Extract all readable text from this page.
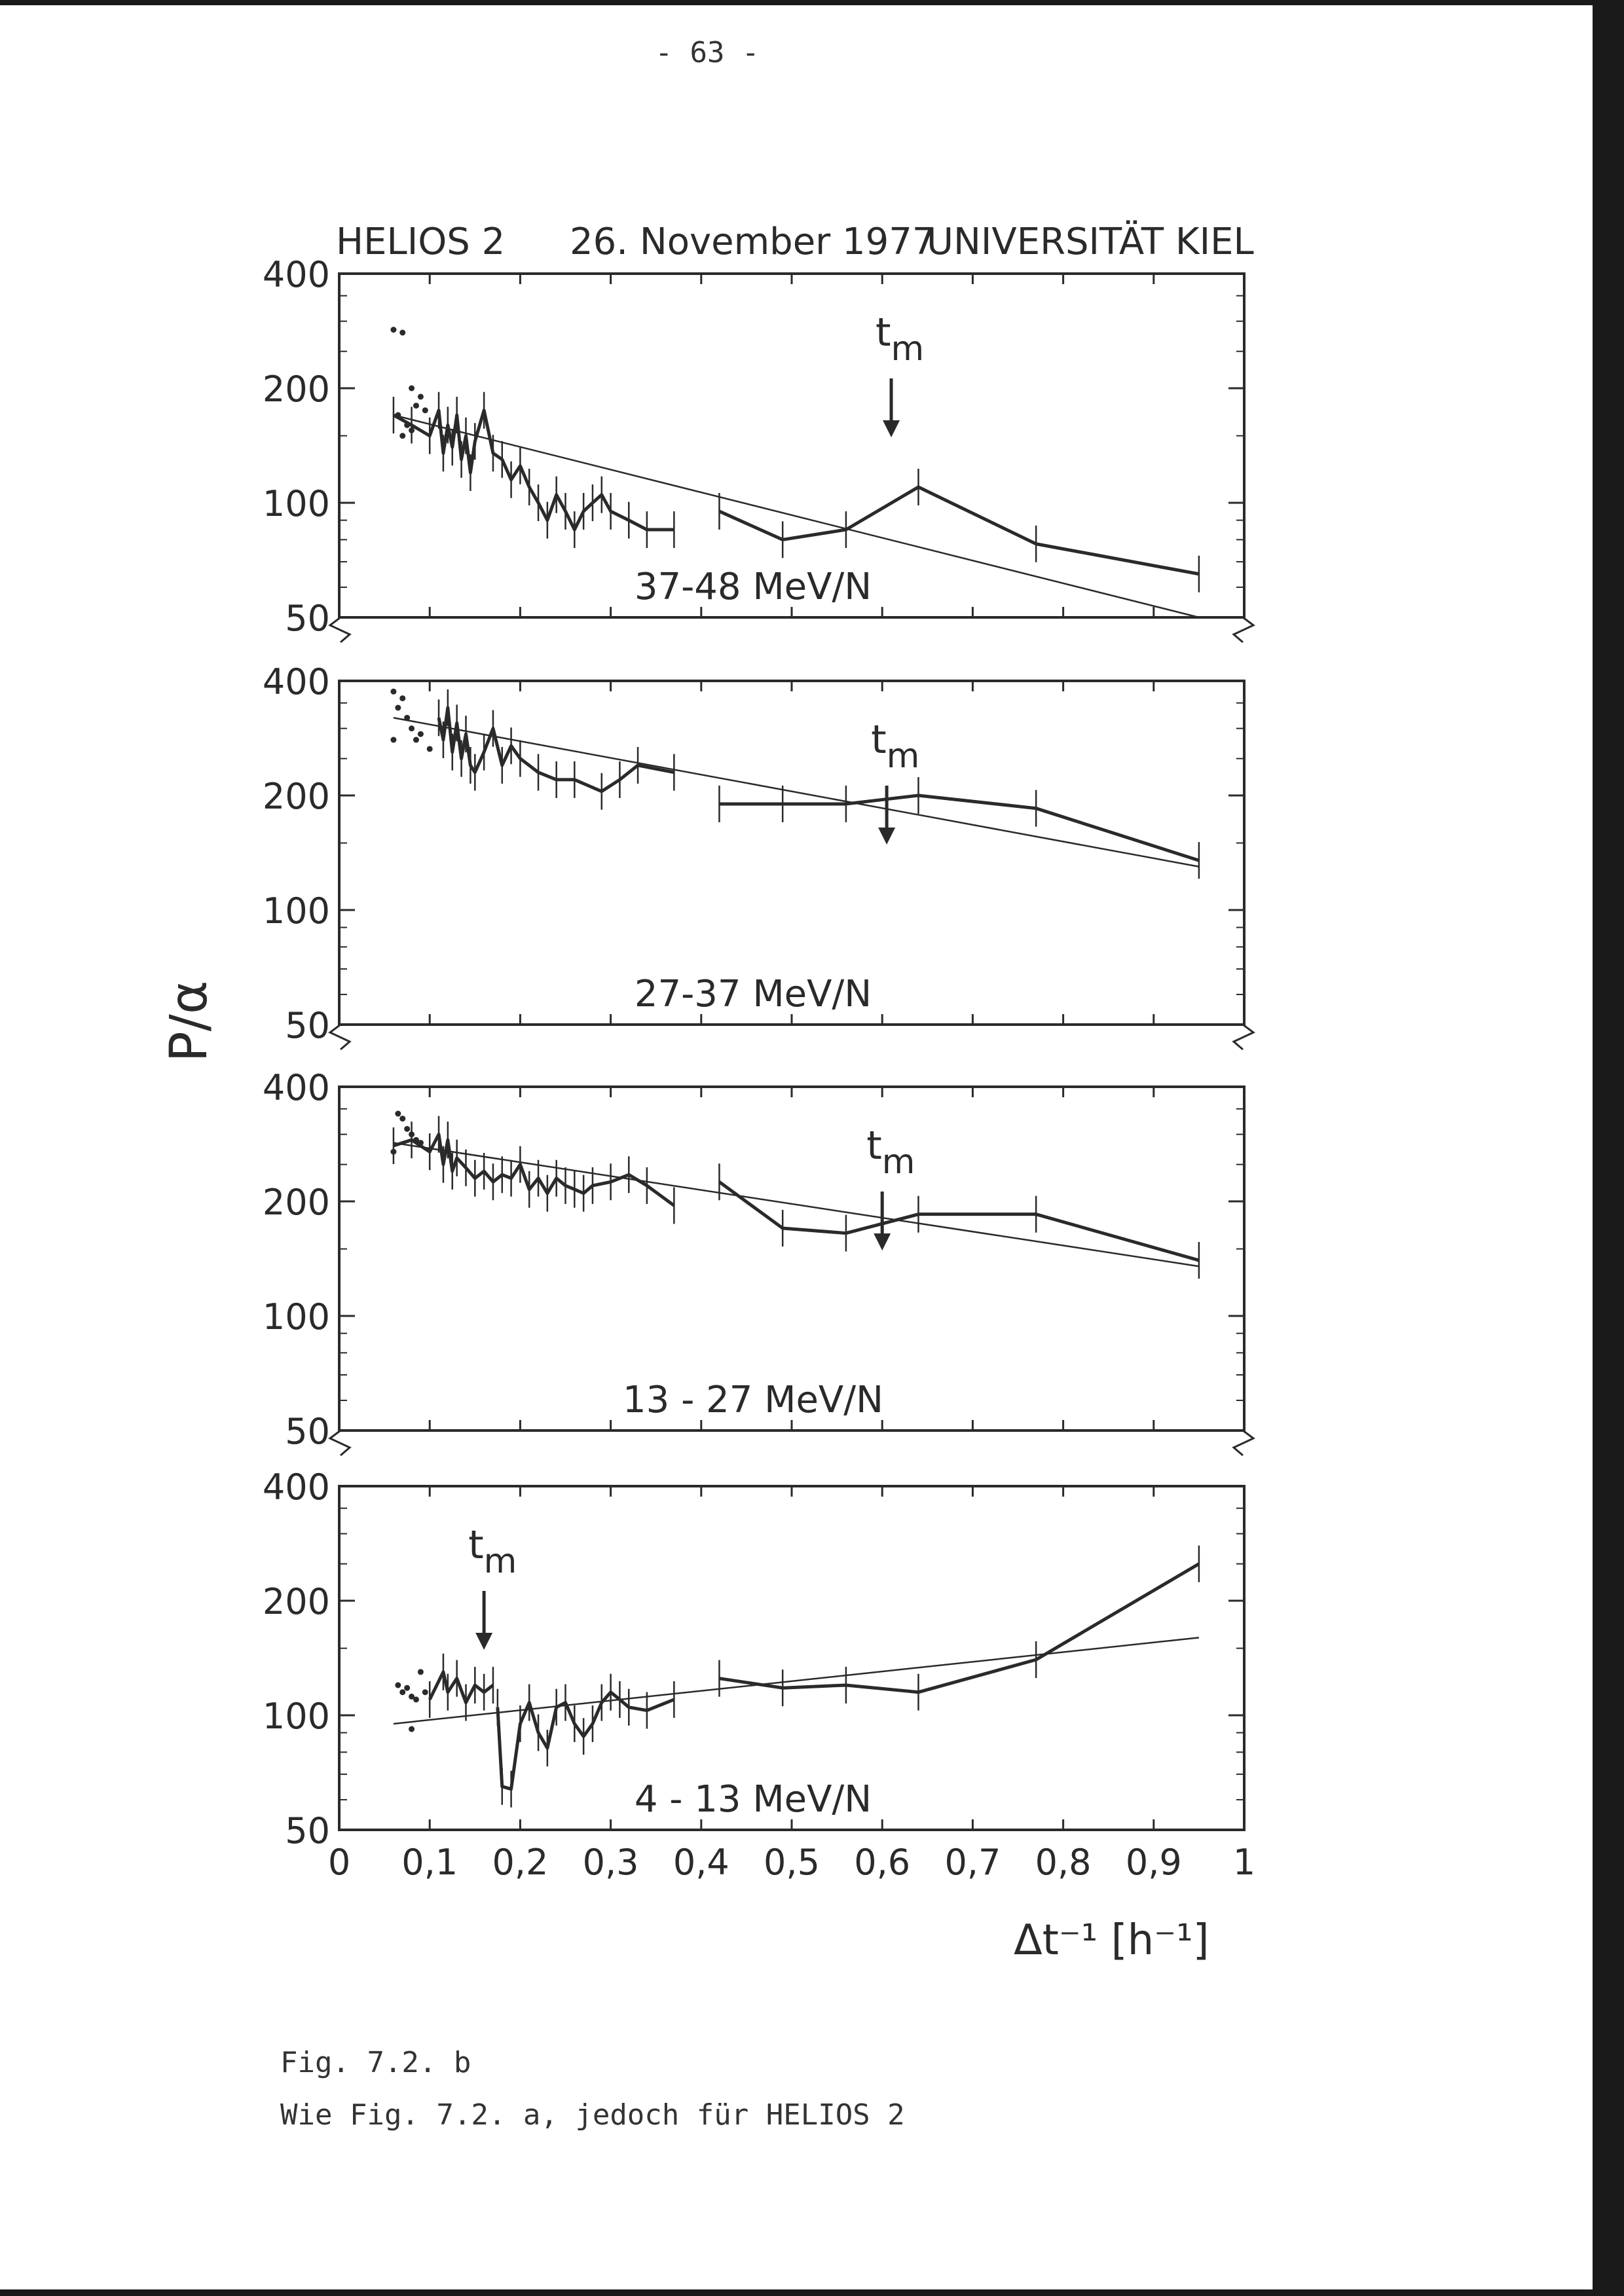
- 63 -
HELIOS 2 26. November 1977
UNIVERSITÄT KIEL
P/α
Δt⁻¹ [h⁻¹]
50
100
200
400
tm
37-48 MeV/N
50
100
200
400
tm
27-37 MeV/N
50
100
200
400
tm
13 - 27 MeV/N
50
100
200
400
tm
4 - 13 MeV/N
0 0,1 0,2 0,3 0,4 0,5 0,6 0,7 0,8 0,9 1
Fig. 7.2. b
Wie Fig. 7.2. a, jedoch für HELIOS 2
